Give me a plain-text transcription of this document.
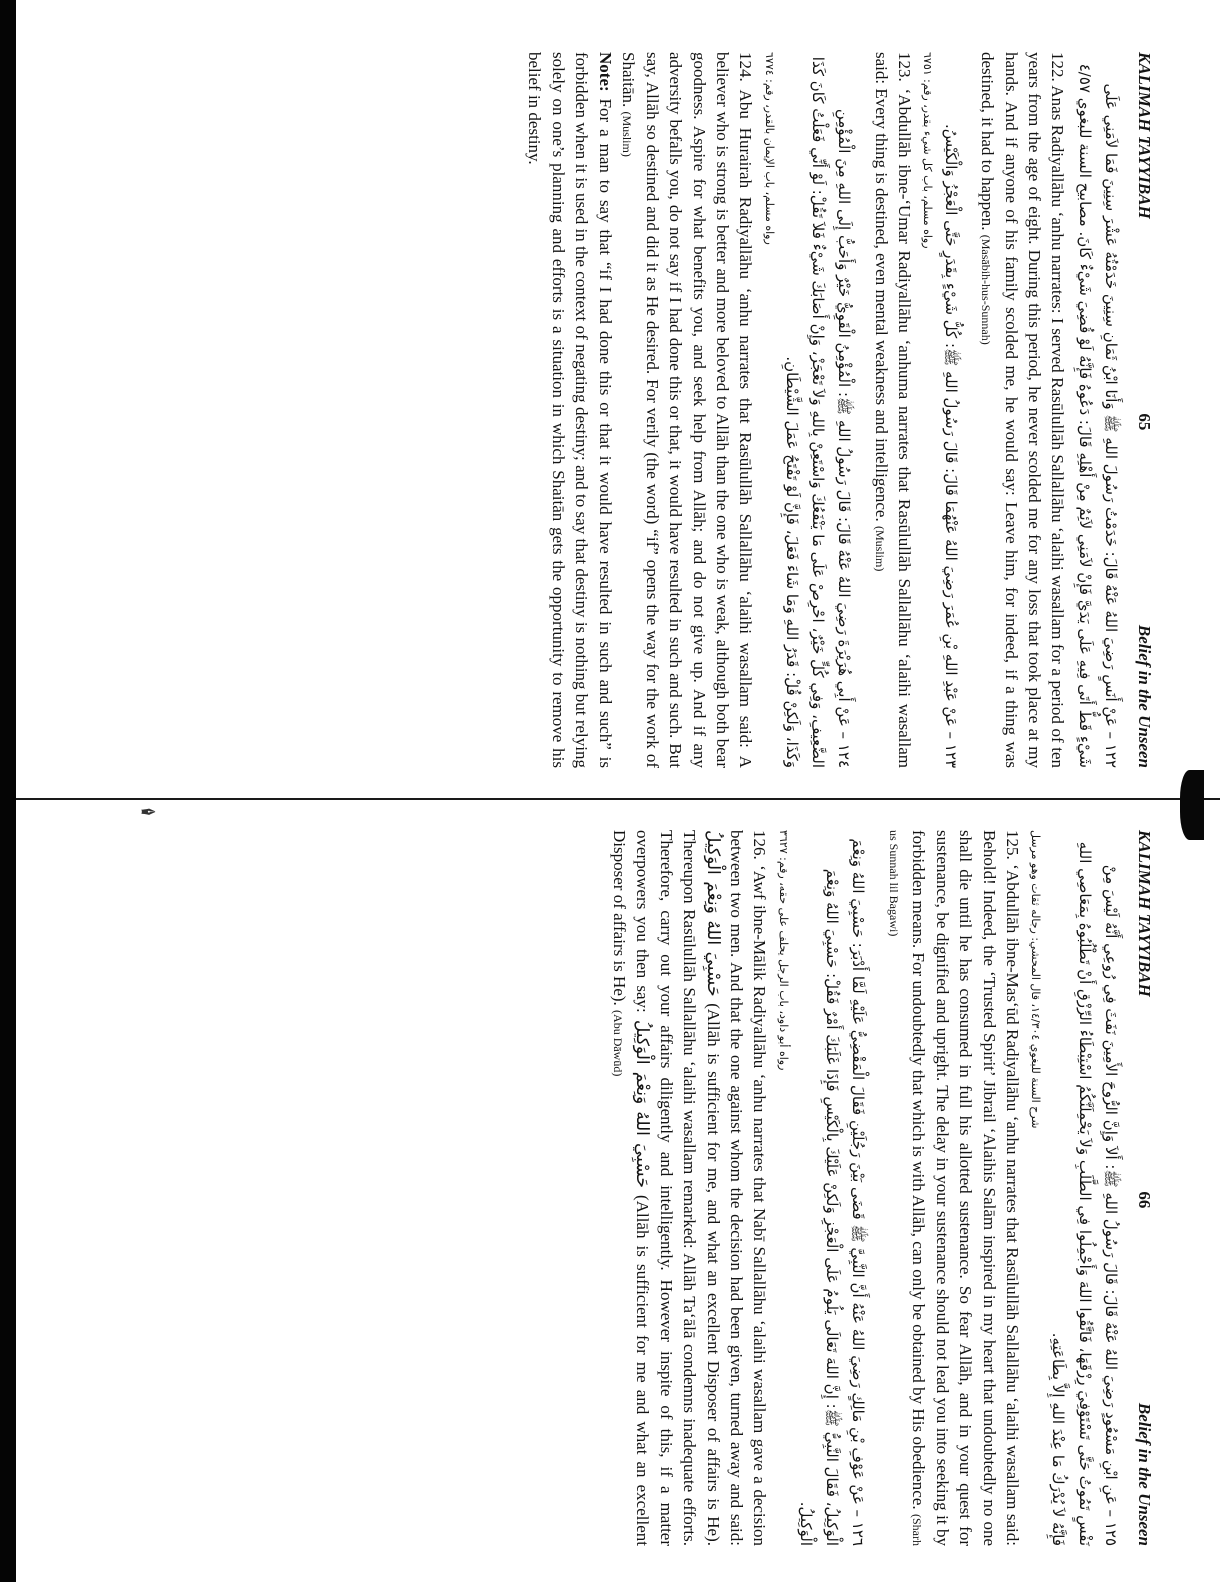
✒
KALIMAH TAYYIBAH
65
Belief in the Unseen
١٢٢ – عَنْ أَنَسٍ رَضِيَ اللهُ عَنْهُ قَالَ: خَدَمْتُ رَسُولَ اللهِ ﷺ وَأَنَا ابْنُ ثَمَانِ سِنِينَ خَدَمْتُهُ عَشْرَ سِنِينَ فَمَا لاَمَنِي عَلَى شَيْءٍ قَطُّ أَتَى فِيهِ عَلَى يَدَيَّ فَإِنْ لاَمَنِي لاَئِمٌ مِنْ أَهْلِهِ قَالَ: دَعُوهُ فَإِنَّهُ لَوْ قُضِيَ شَيْءٌ كَانَ. مصابيح السنة للبغوي ٤/٥٧
122. Anas Radiyallāhu ‘anhu narrates: I served Rasūlullāh Sallallāhu ‘alaihi wasallam for a period of ten years from the age of eight. During this period, he never scolded me for any loss that took place at my hands. And if anyone of his family scolded me, he would say: Leave him, for indeed, if a thing was destined, it had to happen. (Masābih-hus-Sunnah)
١٢٣ – عَنْ عَبْدِ اللهِ بْنِ عُمَرَ رَضِيَ اللهُ عَنْهُمَا قَالَ: قَالَ رَسُولُ اللهِ ﷺ: كُلُّ شَيْءٍ بِقَدَرٍ حَتَّى الْعَجْزُ وَالْكَيْسُ.
رواه مسلم، باب كل شيء بقدر، رقم: ٦٧٥١
123. ‘Abdullāh ibne-‘Umar Radiyallāhu ‘anhuma narrates that Rasūlullāh Sallallāhu ‘alaihi wasallam said: Every thing is destined, even mental weakness and intelligence. (Muslim)
١٢٤ – عَنْ أَبِي هُرَيْرَةَ رَضِيَ اللهُ عَنْهُ قَالَ: قَالَ رَسُولُ اللهِ ﷺ: الْمُؤْمِنُ الْقَوِيُّ خَيْرٌ وَأَحَبُّ إِلَى اللهِ مِنَ الْمُؤْمِنِ الضَّعِيفِ، وَفِي كُلٍّ خَيْرٌ، احْرِصْ عَلَى مَا يَنْفَعُكَ وَاسْتَعِنْ بِاللهِ وَلاَ تَعْجَزْ، وَإِنْ أَصَابَكَ شَيْءٌ فَلاَ تَقُلْ: لَوْ أَنِّي فَعَلْتُ كَانَ كَذَا وَكَذَا، وَلَكِنْ قُلْ: قَدَرُ اللهِ وَمَا شَاءَ فَعَلَ، فَإِنَّ لَوْ تَفْتَحُ عَمَلَ الشَّيْطَانِ.
رواه مسلم، باب الإيمان بالقدر، رقم: ٦٧٧٤
124. Abu Hurairah Radiyallāhu ‘anhu narrates that Rasūlullāh Sallallāhu ‘alaihi wasallam said: A believer who is strong is better and more beloved to Allāh than the one who is weak, although both bear goodness. Aspire for what benefits you, and seek help from Allāh; and do not give up. And if any adversity befalls you, do not say if I had done this or that, it would have resulted in such and such. But say, Allāh so destined and did it as He desired. For verily (the word) “if” opens the way for the work of Shaitān. (Muslim)
Note: For a man to say that “if I had done this or that it would have resulted in such and such” is forbidden when it is used in the context of negating destiny; and to say that destiny is nothing but relying solely on one’s planning and efforts is a situation in which Shaitān gets the opportunity to remove his belief in destiny.
KALIMAH TAYYIBAH
66
Belief in the Unseen
١٢٥ – عَنِ ابْنِ مَسْعُودٍ رَضِيَ اللهُ عَنْهُ قَالَ: قَالَ رَسُولُ اللهِ ﷺ: أَلاَ وَإِنَّ الرُّوحَ الأَمِينَ نَفَثَ فِي رُوعِي أَنَّهُ لَيْسَ مِنْ نَفْسٍ تَمُوتُ حَتَّى تَسْتَوْفِيَ رِزْقَهَا، فَاتَّقُوا اللهَ وَأَجْمِلُوا فِي الطَّلَبِ وَلاَ يَحْمِلَنَّكُمُ اسْتِبْطَاءُ الرِّزْقِ أَنْ تَطْلُبُوهُ بِمَعَاصِي اللهِ فَإِنَّهُ لاَ يُدْرَكُ مَا عِنْدَ اللهِ إِلاَّ بِطَاعَتِهِ.
شرح السنة للبغوي ١٤/٣٠٤، قال المحشي: رجاله ثقات وهو مرسل
125. ‘Abdullāh ibne-Mas‘ūd Radiyallāhu ‘anhu narrates that Rasūlullāh Sallallāhu ‘alaihi wasallam said: Behold! Indeed, the ‘Trusted Spirit’ Jibrail ‘Alaihis Salām inspired in my heart that undoubtedly no one shall die until he has consumed in full his allotted sustenance. So fear Allāh, and in your quest for sustenance, be dignified and upright. The delay in your sustenance should not lead you into seeking it by forbidden means. For undoubtedly that which is with Allāh, can only be obtained by His obedience. (Sharh us Sunnah lil Bagawi)
١٢٦ – عَنْ عَوْفِ بْنِ مَالِكٍ رَضِيَ اللهُ عَنْهُ أَنَّ النَّبِيَّ ﷺ قَضَى بَيْنَ رَجُلَيْنِ فَقَالَ الْمَقْضِيُّ عَلَيْهِ لَمَّا أَدْبَرَ: حَسْبِيَ اللهُ وَنِعْمَ الْوَكِيلُ، فَقَالَ النَّبِيُّ ﷺ: إِنَّ اللهَ تَعَالَى يَلُومُ عَلَى الْعَجْزِ وَلَكِنْ عَلَيْكَ بِالْكَيْسِ فَإِذَا غَلَبَكَ أَمْرٌ فَقُلْ: حَسْبِيَ اللهُ وَنِعْمَ الْوَكِيلُ.
رواه أبو داود، باب الرجل يحلف على حقه، رقم: ٣٦٢٧
126. ‘Awf ibne-Mālik Radiyallāhu ‘anhu narrates that Nabī Sallallāhu ‘alaihi wasallam gave a decision between two men. And that the one against whom the decision had been given, turned away and said: حَسْبِيَ اللهُ وَنِعْمَ الْوَكِيلُ (Allāh is sufficient for me, and what an excellent Disposer of affairs is He). Thereupon Rasūlullāh Sallallāhu ‘alaihi wasallam remarked: Allāh Ta‘ālā condemns inadequate efforts. Therefore, carry out your affairs diligently and intelligently. However inspite of this, if a matter overpowers you then say: حَسْبِيَ اللهُ وَنِعْمَ الْوَكِيلُ (Allāh is sufficient for me and what an excellent Disposer of affairs is He). (Abu Dāwūd)
